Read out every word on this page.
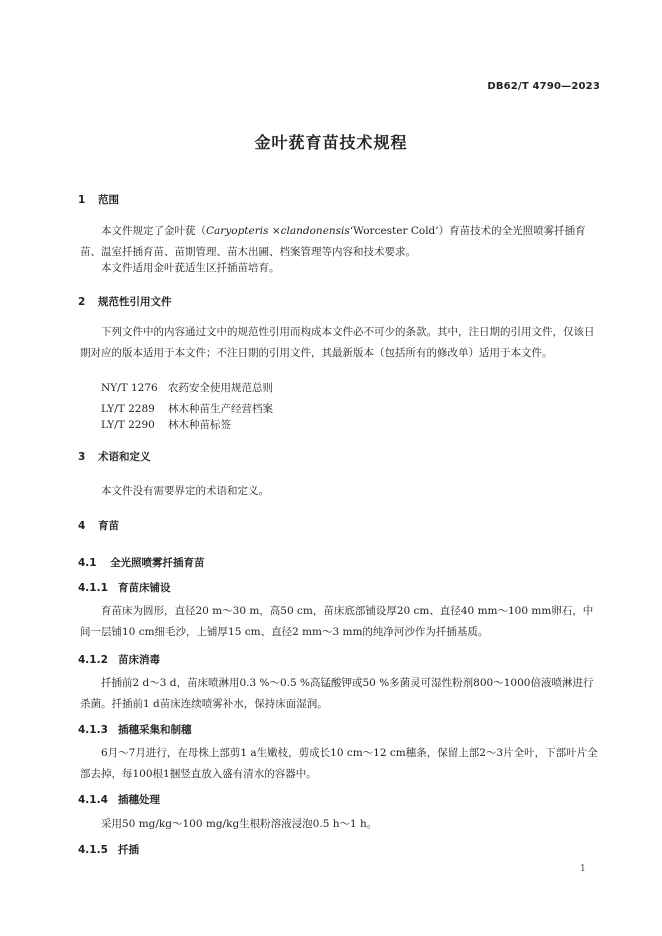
DB62/T 4790—2023
金叶莸育苗技术规程
1 范围
本文件规定了金叶莸（Caryopteris ×clandonensis‘Worcester Cold’）育苗技术的全光照喷雾扦插育苗、温室扦插育苗、苗期管理、苗木出圃、档案管理等内容和技术要求。
本文件适用金叶莸适生区扦插苗培育。
2 规范性引用文件
下列文件中的内容通过文中的规范性引用而构成本文件必不可少的条款。其中，注日期的引用文件，仅该日期对应的版本适用于本文件；不注日期的引用文件，其最新版本（包括所有的修改单）适用于本文件。
NY/T 1276 农药安全使用规范总则
LY/T 2289 林木种苗生产经营档案
LY/T 2290 林木种苗标签
3 术语和定义
本文件没有需要界定的术语和定义。
4 育苗
4.1 全光照喷雾扦插育苗
4.1.1 育苗床铺设
育苗床为圆形，直径20 m～30 m，高50 cm，苗床底部铺设厚20 cm、直径40 mm～100 mm卵石，中间一层铺10 cm细毛沙，上铺厚15 cm、直径2 mm～3 mm的纯净河沙作为扦插基质。
4.1.2 苗床消毒
扦插前2 d～3 d，苗床喷淋用0.3 %～0.5 %高锰酸钾或50 %多菌灵可湿性粉剂800～1000倍液喷淋进行杀菌。扦插前1 d苗床连续喷雾补水，保持床面湿润。
4.1.3 插穗采集和制穗
6月～7月进行，在母株上部剪1 a生嫩枝，剪成长10 cm～12 cm穗条，保留上部2～3片全叶，下部叶片全部去掉，每100根1捆竖直放入盛有清水的容器中。
4.1.4 插穗处理
采用50 mg/kg～100 mg/kg生根粉溶液浸泡0.5 h～1 h。
4.1.5 扦插
1
